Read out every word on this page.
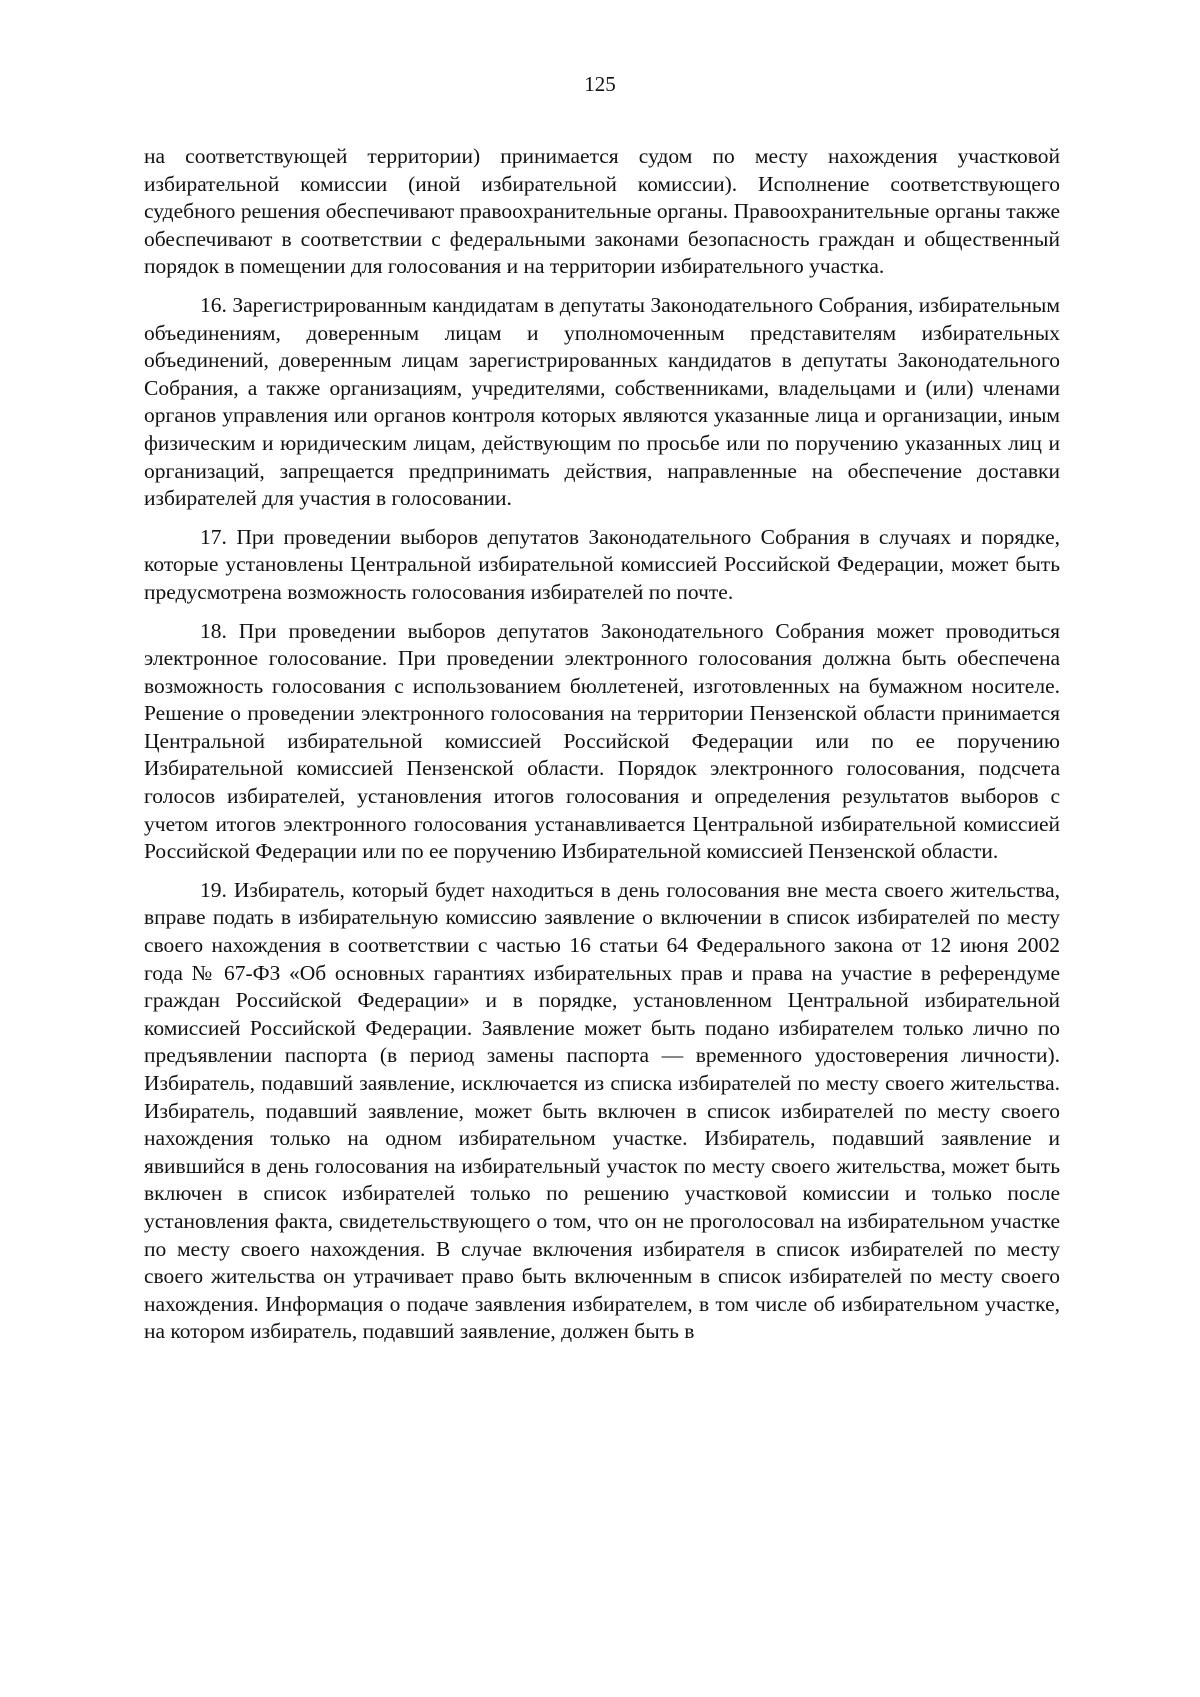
125

на соответствующей территории) принимается судом по месту нахождения участковой избирательной комиссии (иной избирательной комиссии). Исполнение соответствующего судебного решения обеспечивают правоохранительные органы. Правоохранительные органы также обеспечивают в соответствии с федеральными законами безопасность граждан и общественный порядок в помещении для голосования и на территории избирательного участка.

16. Зарегистрированным кандидатам в депутаты Законодательного Собрания, избирательным объединениям, доверенным лицам и уполномоченным представителям избирательных объединений, доверенным лицам зарегистрированных кандидатов в депутаты Законодательного Собрания, а также организациям, учредителями, собственниками, владельцами и (или) членами органов управления или органов контроля которых являются указанные лица и организации, иным физическим и юридическим лицам, действующим по просьбе или по поручению указанных лиц и организаций, запрещается предпринимать действия, направленные на обеспечение доставки избирателей для участия в голосовании.

17. При проведении выборов депутатов Законодательного Собрания в случаях и порядке, которые установлены Центральной избирательной комиссией Российской Федерации, может быть предусмотрена возможность голосования избирателей по почте.

18. При проведении выборов депутатов Законодательного Собрания может проводиться электронное голосование. При проведении электронного голосования должна быть обеспечена возможность голосования с использованием бюллетеней, изготовленных на бумажном носителе. Решение о проведении электронного голосования на территории Пензенской области принимается Центральной избирательной комиссией Российской Федерации или по ее поручению Избирательной комиссией Пензенской области. Порядок электронного голосования, подсчета голосов избирателей, установления итогов голосования и определения результатов выборов с учетом итогов электронного голосования устанавливается Центральной избирательной комиссией Российской Федерации или по ее поручению Избирательной комиссией Пензенской области.

19. Избиратель, который будет находиться в день голосования вне места своего жительства, вправе подать в избирательную комиссию заявление о включении в список избирателей по месту своего нахождения в соответствии с частью 16 статьи 64 Федерального закона от 12 июня 2002 года № 67-ФЗ «Об основных гарантиях избирательных прав и права на участие в референдуме граждан Российской Федерации» и в порядке, установленном Центральной избирательной комиссией Российской Федерации. Заявление может быть подано избирателем только лично по предъявлении паспорта (в период замены паспорта — временного удостоверения личности). Избиратель, подавший заявление, исключается из списка избирателей по месту своего жительства. Избиратель, подавший заявление, может быть включен в список избирателей по месту своего нахождения только на одном избирательном участке. Избиратель, подавший заявление и явившийся в день голосования на избирательный участок по месту своего жительства, может быть включен в список избирателей только по решению участковой комиссии и только после установления факта, свидетельствующего о том, что он не проголосовал на избирательном участке по месту своего нахождения. В случае включения избирателя в список избирателей по месту своего жительства он утрачивает право быть включенным в список избирателей по месту своего нахождения. Информация о подаче заявления избирателем, в том числе об избирательном участке, на котором избиратель, подавший заявление, должен быть в
